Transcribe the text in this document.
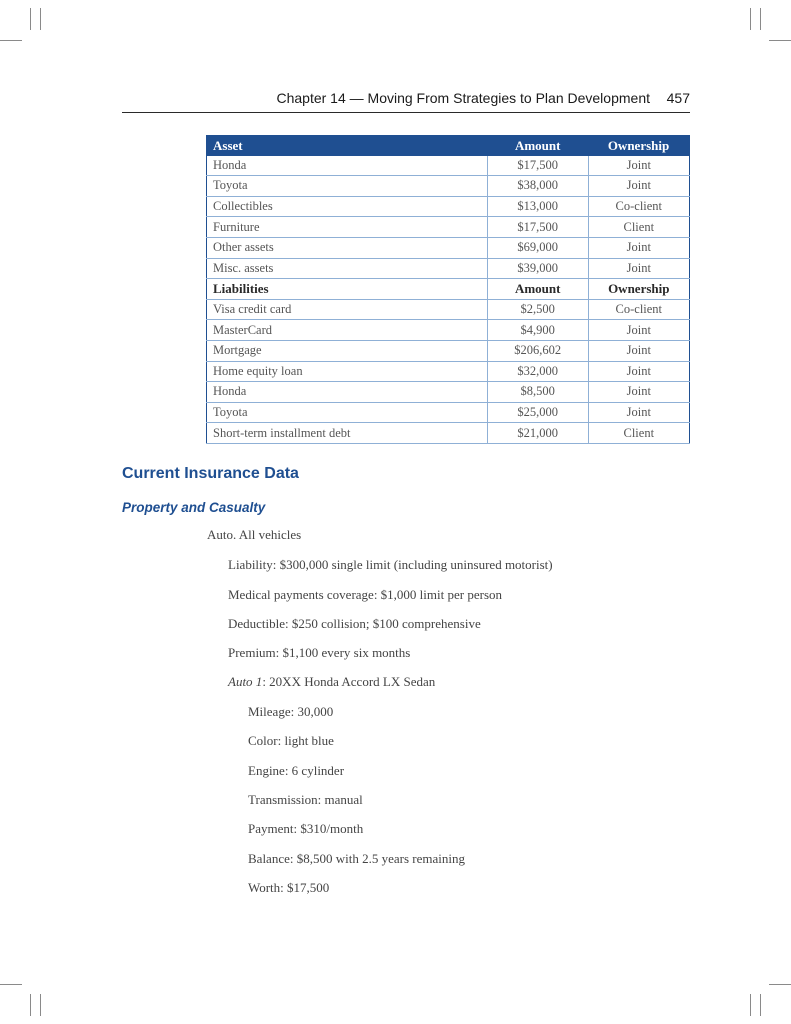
Chapter 14 — Moving From Strategies to Plan Development 457
Asset	Amount	Ownership
Honda	$17,500	Joint
Toyota	$38,000	Joint
Collectibles	$13,000	Co-client
Furniture	$17,500	Client
Other assets	$69,000	Joint
Misc. assets	$39,000	Joint
Liabilities	Amount	Ownership
Visa credit card	$2,500	Co-client
MasterCard	$4,900	Joint
Mortgage	$206,602	Joint
Home equity loan	$32,000	Joint
Honda	$8,500	Joint
Toyota	$25,000	Joint
Short-term installment debt	$21,000	Client
Current Insurance Data
Property and Casualty
Auto. All vehicles
Liability: $300,000 single limit (including uninsured motorist)
Medical payments coverage: $1,000 limit per person
Deductible: $250 collision; $100 comprehensive
Premium: $1,100 every six months
Auto 1: 20XX Honda Accord LX Sedan
Mileage: 30,000
Color: light blue
Engine: 6 cylinder
Transmission: manual
Payment: $310/month
Balance: $8,500 with 2.5 years remaining
Worth: $17,500
